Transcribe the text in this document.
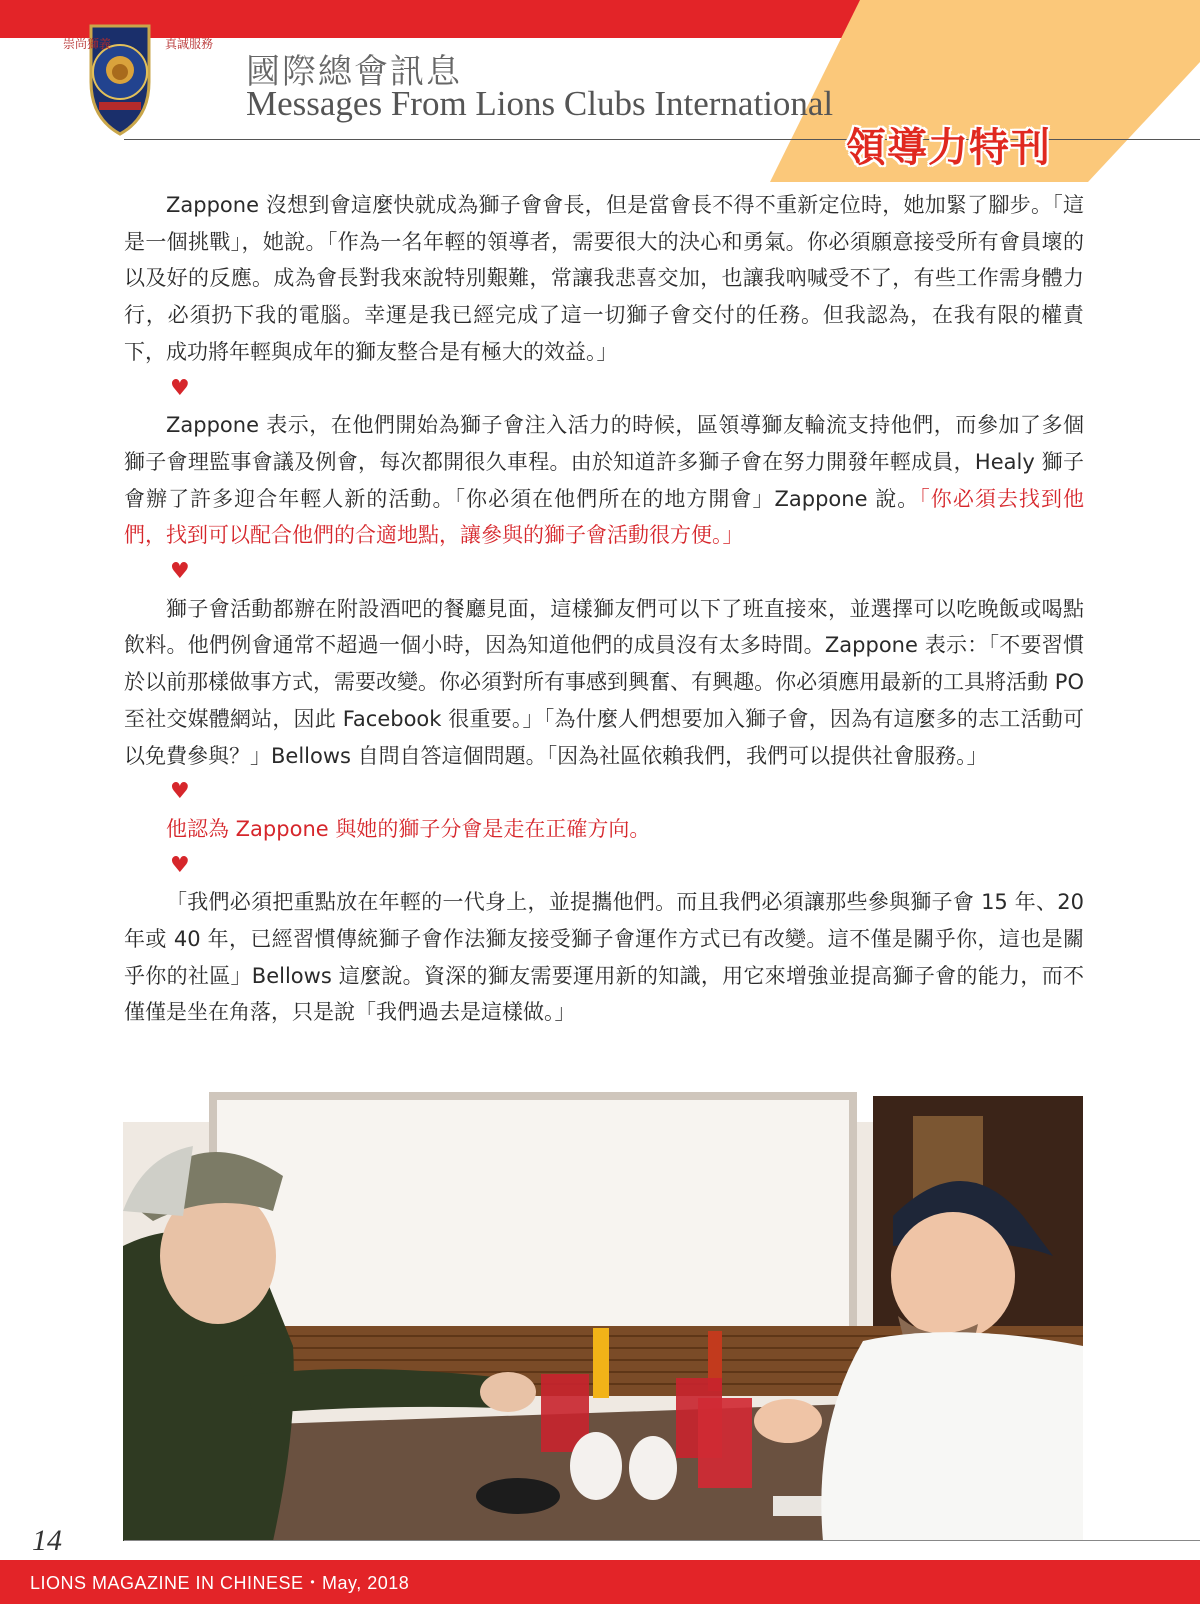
崇尚獅義	真誠服務
國際總會訊息
Messages From Lions Clubs International
領導力特刊

Zappone 沒想到會這麼快就成為獅子會會長，但是當會長不得不重新定位時，她加緊了腳步。「這是一個挑戰」，她說。「作為一名年輕的領導者，需要很大的決心和勇氣。你必須願意接受所有會員壞的以及好的反應。成為會長對我來說特別艱難，常讓我悲喜交加，也讓我吶喊受不了，有些工作需身體力行，必須扔下我的電腦。幸運是我已經完成了這一切獅子會交付的任務。但我認為，在我有限的權責下，成功將年輕與成年的獅友整合是有極大的效益。」

♥

Zappone 表示，在他們開始為獅子會注入活力的時候，區領導獅友輪流支持他們，而參加了多個獅子會理監事會議及例會，每次都開很久車程。由於知道許多獅子會在努力開發年輕成員，Healy 獅子會辦了許多迎合年輕人新的活動。「你必須在他們所在的地方開會」Zappone 說。「你必須去找到他們，找到可以配合他們的合適地點，讓參與的獅子會活動很方便。」

♥

獅子會活動都辦在附設酒吧的餐廳見面，這樣獅友們可以下了班直接來，並選擇可以吃晚飯或喝點飲料。他們例會通常不超過一個小時，因為知道他們的成員沒有太多時間。Zappone 表示：「不要習慣於以前那樣做事方式，需要改變。你必須對所有事感到興奮、有興趣。你必須應用最新的工具將活動 PO 至社交媒體網站，因此 Facebook 很重要。」「為什麼人們想要加入獅子會，因為有這麼多的志工活動可以免費參與？」Bellows 自問自答這個問題。「因為社區依賴我們，我們可以提供社會服務。」

♥

他認為 Zappone 與她的獅子分會是走在正確方向。

♥

「我們必須把重點放在年輕的一代身上，並提攜他們。而且我們必須讓那些參與獅子會 15 年、20 年或 40 年，已經習慣傳統獅子會作法獅友接受獅子會運作方式已有改變。這不僅是關乎你，這也是關乎你的社區」Bellows 這麼說。資深的獅友需要運用新的知識，用它來增強並提高獅子會的能力，而不僅僅是坐在角落，只是說「我們過去是這樣做。」

14
LIONS MAGAZINE IN CHINESE・May, 2018
